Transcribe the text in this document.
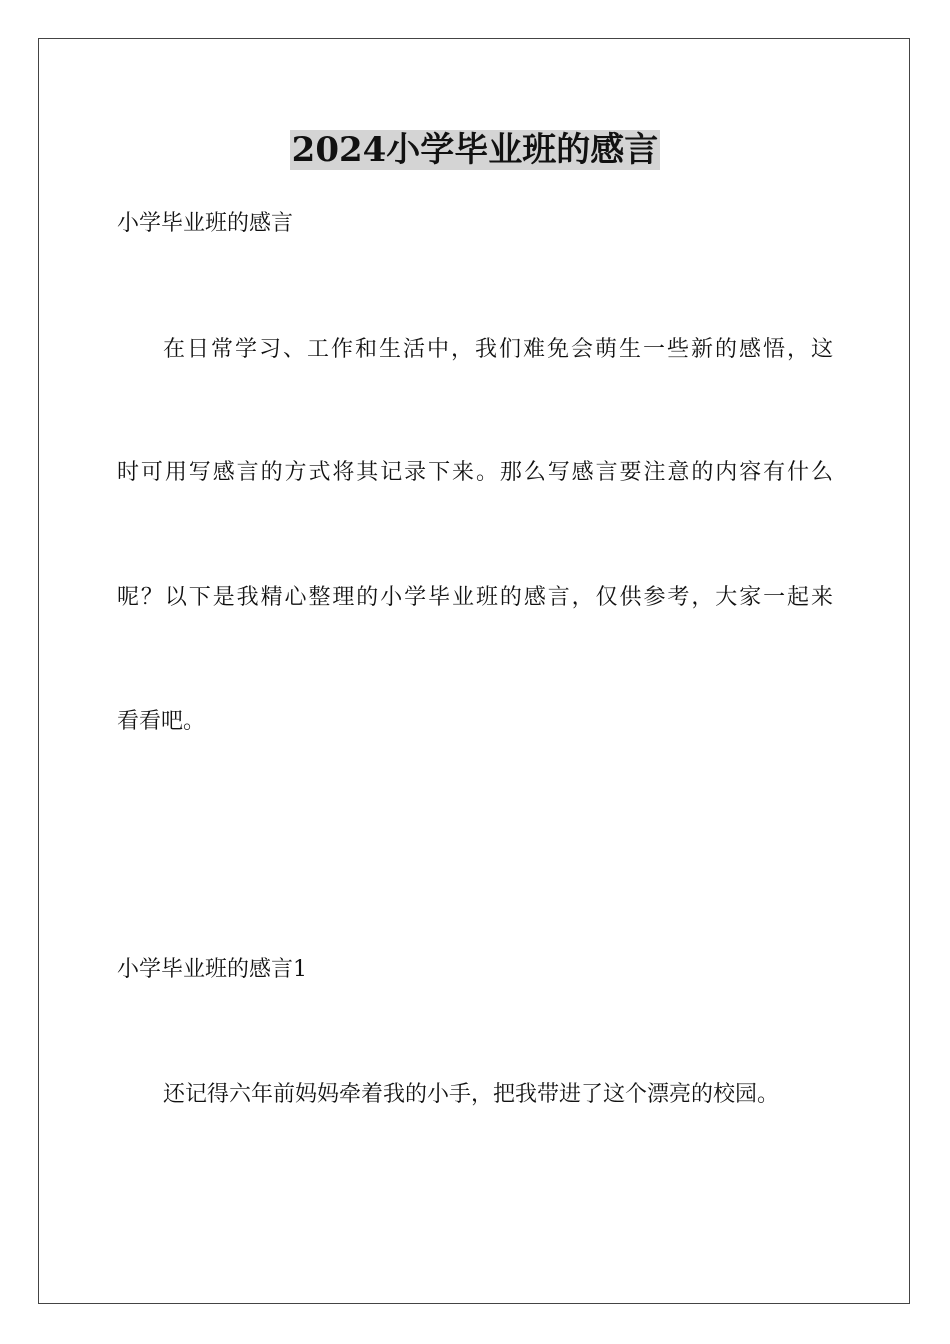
2024小学毕业班的感言

小学毕业班的感言

在日常学习、工作和生活中，我们难免会萌生一些新的感悟，这

时可用写感言的方式将其记录下来。那么写感言要注意的内容有什么

呢？以下是我精心整理的小学毕业班的感言，仅供参考，大家一起来

看看吧。

小学毕业班的感言1

还记得六年前妈妈牵着我的小手，把我带进了这个漂亮的校园。
